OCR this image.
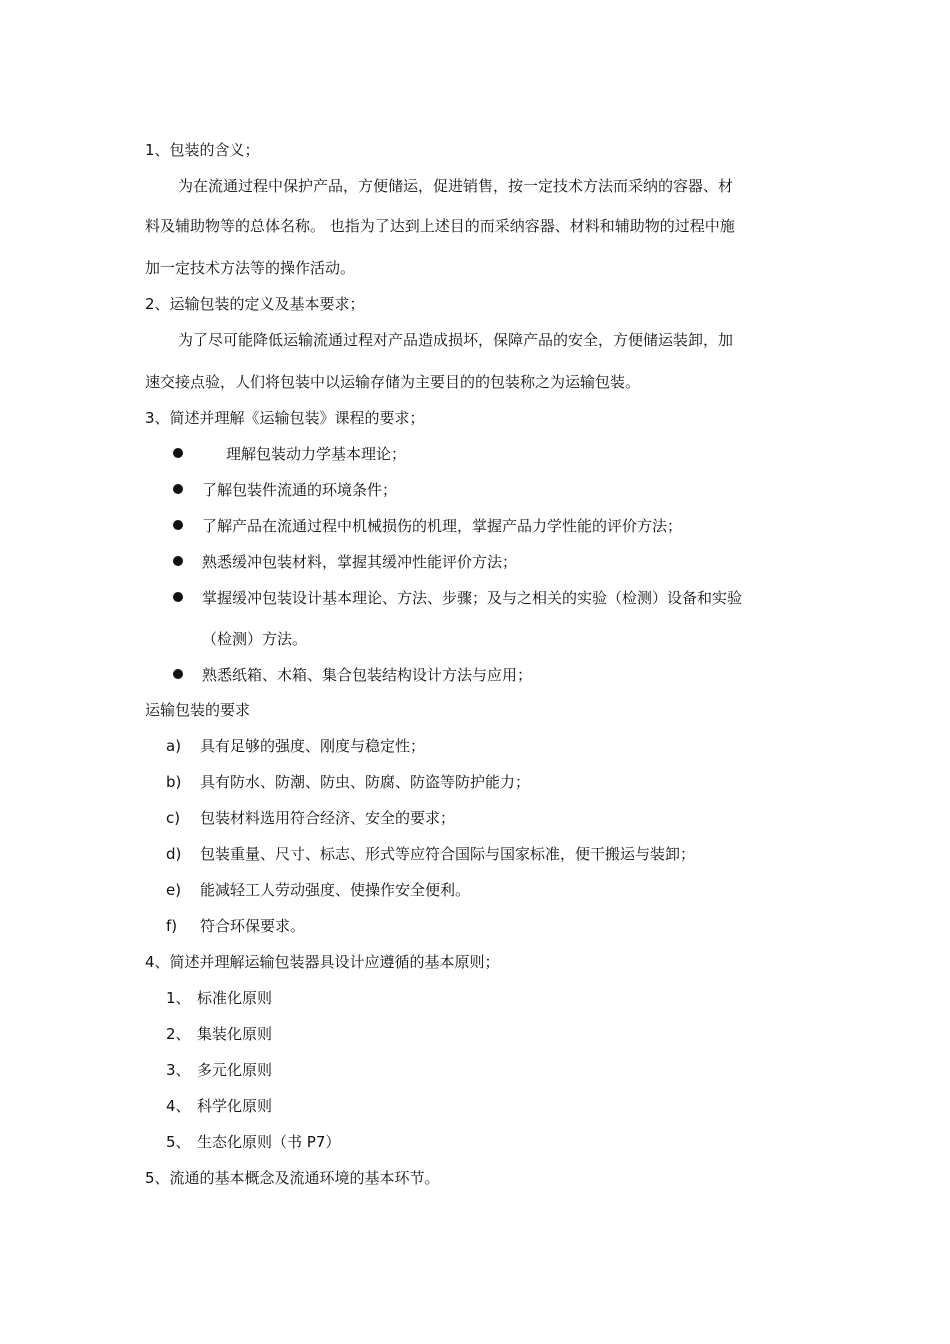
1、包装的含义；
为在流通过程中保护产品，方便储运，促进销售，按一定技术方法而采纳的容器、材
料及辅助物等的总体名称。 也指为了达到上述目的而采纳容器、材料和辅助物的过程中施
加一定技术方法等的操作活动。
2、运输包装的定义及基本要求；
为了尽可能降低运输流通过程对产品造成损坏，保障产品的安全，方便储运装卸，加
速交接点验，人们将包装中以运输存储为主要目的的包装称之为运输包装。
3、简述并理解《运输包装》课程的要求；
理解包装动力学基本理论；
了解包装件流通的环境条件；
了解产品在流通过程中机械损伤的机理，掌握产品力学性能的评价方法；
熟悉缓冲包装材料，掌握其缓冲性能评价方法；
掌握缓冲包装设计基本理论、方法、步骤；及与之相关的实验（检测）设备和实验
（检测）方法。
熟悉纸箱、木箱、集合包装结构设计方法与应用；
运输包装的要求
a) 具有足够的强度、刚度与稳定性；
b) 具有防水、防潮、防虫、防腐、防盗等防护能力；
c) 包装材料选用符合经济、安全的要求；
d) 包装重量、尺寸、标志、形式等应符合国际与国家标准，便干搬运与装卸；
e) 能减轻工人劳动强度、使操作安全便利。
f) 符合环保要求。
4、简述并理解运输包装器具设计应遵循的基本原则；
1、 标准化原则
2、 集装化原则
3、 多元化原则
4、 科学化原则
5、 生态化原则（书 P7）
5、流通的基本概念及流通环境的基本环节。
